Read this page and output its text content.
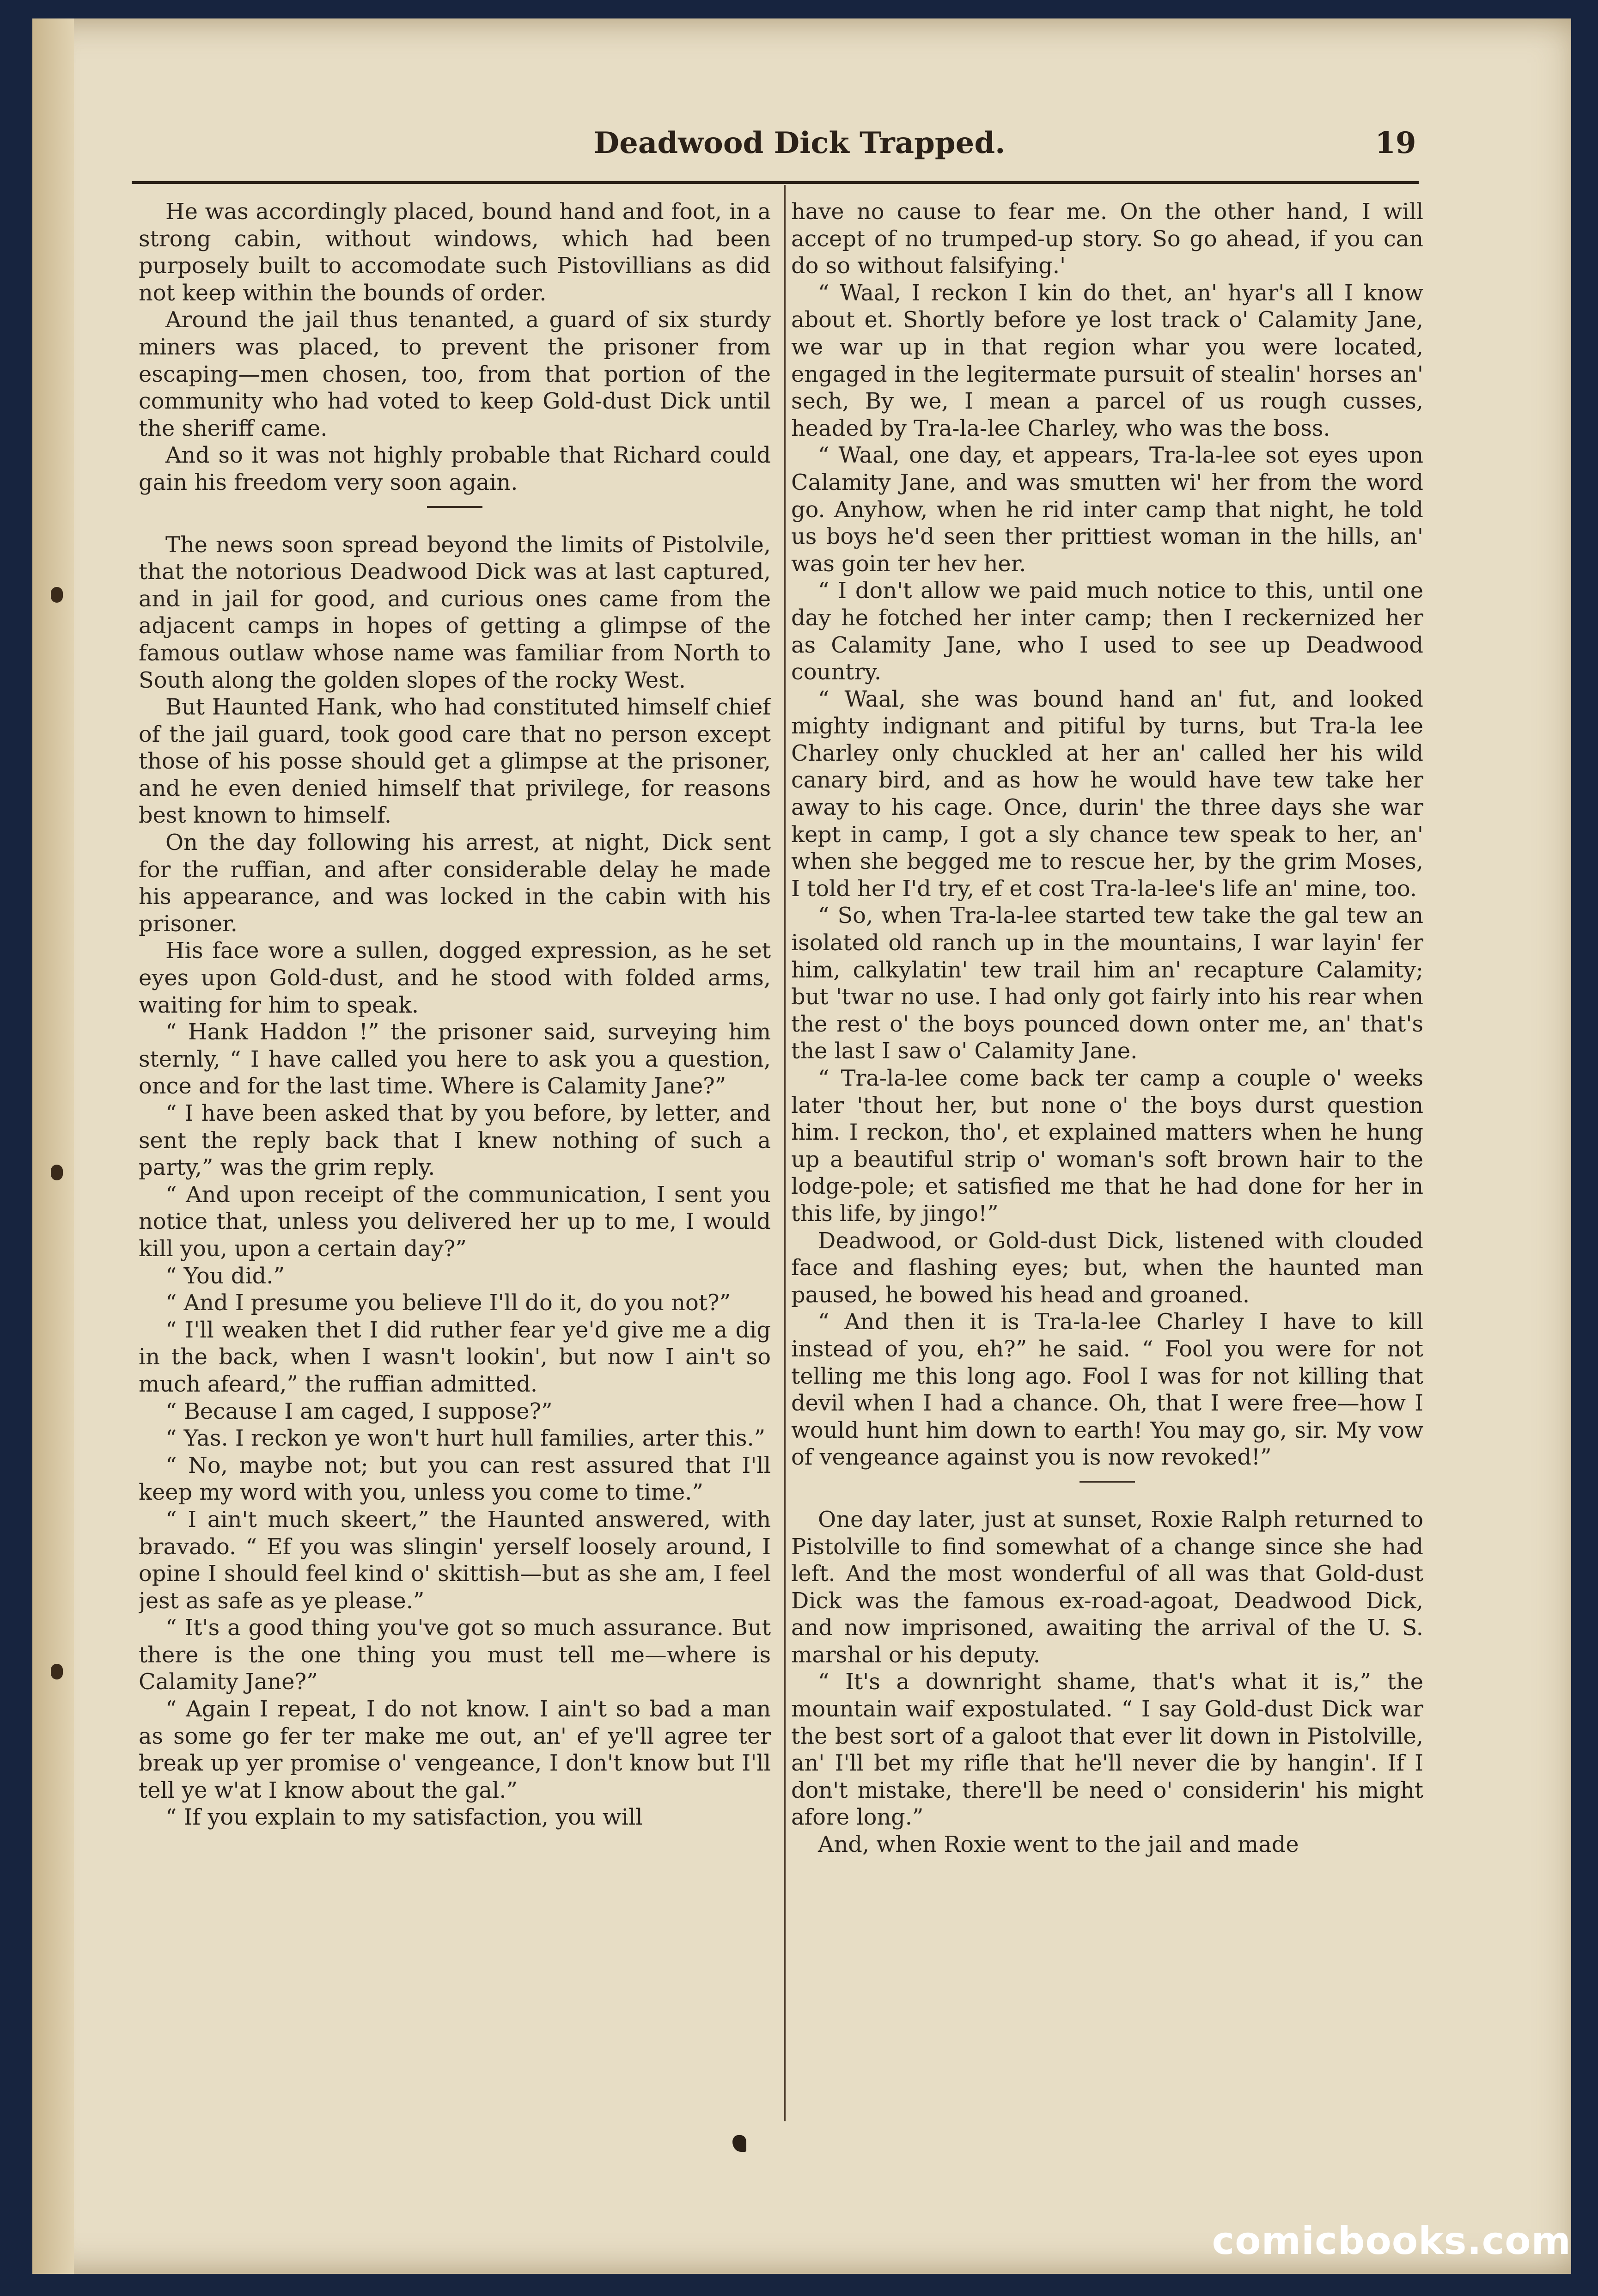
Deadwood Dick Trapped.	19

He was accordingly placed, bound hand and foot, in a strong cabin, without windows, which had been purposely built to accomodate such Pistovillians as did not keep within the bounds of order.

Around the jail thus tenanted, a guard of six sturdy miners was placed, to prevent the prisoner from escaping—men chosen, too, from that portion of the community who had voted to keep Gold-dust Dick until the sheriff came.

And so it was not highly probable that Richard could gain his freedom very soon again.

The news soon spread beyond the limits of Pistolvile, that the notorious Deadwood Dick was at last captured, and in jail for good, and curious ones came from the adjacent camps in hopes of getting a glimpse of the famous outlaw whose name was familiar from North to South along the golden slopes of the rocky West.

But Haunted Hank, who had constituted himself chief of the jail guard, took good care that no person except those of his posse should get a glimpse at the prisoner, and he even denied himself that privilege, for reasons best known to himself.

On the day following his arrest, at night, Dick sent for the ruffian, and after considerable delay he made his appearance, and was locked in the cabin with his prisoner.

His face wore a sullen, dogged expression, as he set eyes upon Gold-dust, and he stood with folded arms, waiting for him to speak.

“ Hank Haddon !” the prisoner said, surveying him sternly, “ I have called you here to ask you a question, once and for the last time. Where is Calamity Jane?”

“ I have been asked that by you before, by letter, and sent the reply back that I knew nothing of such a party,” was the grim reply.

“ And upon receipt of the communication, I sent you notice that, unless you delivered her up to me, I would kill you, upon a certain day?”

“ You did.”

“ And I presume you believe I'll do it, do you not?”

“ I'll weaken thet I did ruther fear ye'd give me a dig in the back, when I wasn't lookin', but now I ain't so much afeard,” the ruffian admitted.

“ Because I am caged, I suppose?”

“ Yas. I reckon ye won't hurt hull families, arter this.”

“ No, maybe not; but you can rest assured that I'll keep my word with you, unless you come to time.”

“ I ain't much skeert,” the Haunted answered, with bravado. “ Ef you was slingin' yerself loosely around, I opine I should feel kind o' skittish—but as she am, I feel jest as safe as ye please.”

“ It's a good thing you've got so much assurance. But there is the one thing you must tell me—where is Calamity Jane?”

“ Again I repeat, I do not know. I ain't so bad a man as some go fer ter make me out, an' ef ye'll agree ter break up yer promise o' vengeance, I don't know but I'll tell ye w'at I know about the gal.”

“ If you explain to my satisfaction, you will

have no cause to fear me. On the other hand, I will accept of no trumped-up story. So go ahead, if you can do so without falsifying.'

“ Waal, I reckon I kin do thet, an' hyar's all I know about et. Shortly before ye lost track o' Calamity Jane, we war up in that region whar you were located, engaged in the legitermate pursuit of stealin' horses an' sech, By we, I mean a parcel of us rough cusses, headed by Tra-la-lee Charley, who was the boss.

“ Waal, one day, et appears, Tra-la-lee sot eyes upon Calamity Jane, and was smutten wi' her from the word go. Anyhow, when he rid inter camp that night, he told us boys he'd seen ther prittiest woman in the hills, an' was goin ter hev her.

“ I don't allow we paid much notice to this, until one day he fotched her inter camp; then I reckernized her as Calamity Jane, who I used to see up Deadwood country.

“ Waal, she was bound hand an' fut, and looked mighty indignant and pitiful by turns, but Tra-la lee Charley only chuckled at her an' called her his wild canary bird, and as how he would have tew take her away to his cage. Once, durin' the three days she war kept in camp, I got a sly chance tew speak to her, an' when she begged me to rescue her, by the grim Moses, I told her I'd try, ef et cost Tra-la-lee's life an' mine, too.

“ So, when Tra-la-lee started tew take the gal tew an isolated old ranch up in the mountains, I war layin' fer him, calkylatin' tew trail him an' recapture Calamity; but 'twar no use. I had only got fairly into his rear when the rest o' the boys pounced down onter me, an' that's the last I saw o' Calamity Jane.

“ Tra-la-lee come back ter camp a couple o' weeks later 'thout her, but none o' the boys durst question him. I reckon, tho', et explained matters when he hung up a beautiful strip o' woman's soft brown hair to the lodge-pole; et satisfied me that he had done for her in this life, by jingo!”

Deadwood, or Gold-dust Dick, listened with clouded face and flashing eyes; but, when the haunted man paused, he bowed his head and groaned.

“ And then it is Tra-la-lee Charley I have to kill instead of you, eh?” he said. “ Fool you were for not telling me this long ago. Fool I was for not killing that devil when I had a chance. Oh, that I were free—how I would hunt him down to earth! You may go, sir. My vow of vengeance against you is now revoked!”

One day later, just at sunset, Roxie Ralph returned to Pistolville to find somewhat of a change since she had left. And the most wonderful of all was that Gold-dust Dick was the famous ex-road-agoat, Deadwood Dick, and now imprisoned, awaiting the arrival of the U. S. marshal or his deputy.

“ It's a downright shame, that's what it is,” the mountain waif expostulated. “ I say Gold-dust Dick war the best sort of a galoot that ever lit down in Pistolville, an' I'll bet my rifle that he'll never die by hangin'. If I don't mistake, there'll be need o' considerin' his might afore long.”

And, when Roxie went to the jail and made

comicbooks.com
